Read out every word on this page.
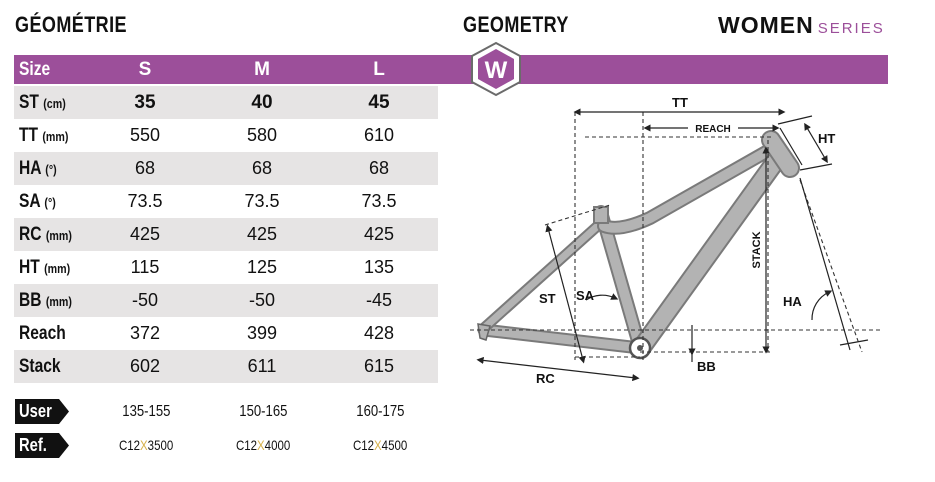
GÉOMÉTRIE	GEOMETRY	WOMEN SERIES
Size	S	M	L	W
ST (cm)	35	40	45
TT (mm)	550	580	610
HA (°)	68	68	68
SA (°)	73.5	73.5	73.5
RC (mm)	425	425	425
HT (mm)	115	125	135
BB (mm)	-50	-50	-45
Reach	372	399	428
Stack	602	611	615
User	135-155	150-165	160-175
Ref.	C12X3500	C12X4000	C12X4500
TT
REACH
HT
STACK
HA
ST SA
BB
RC
